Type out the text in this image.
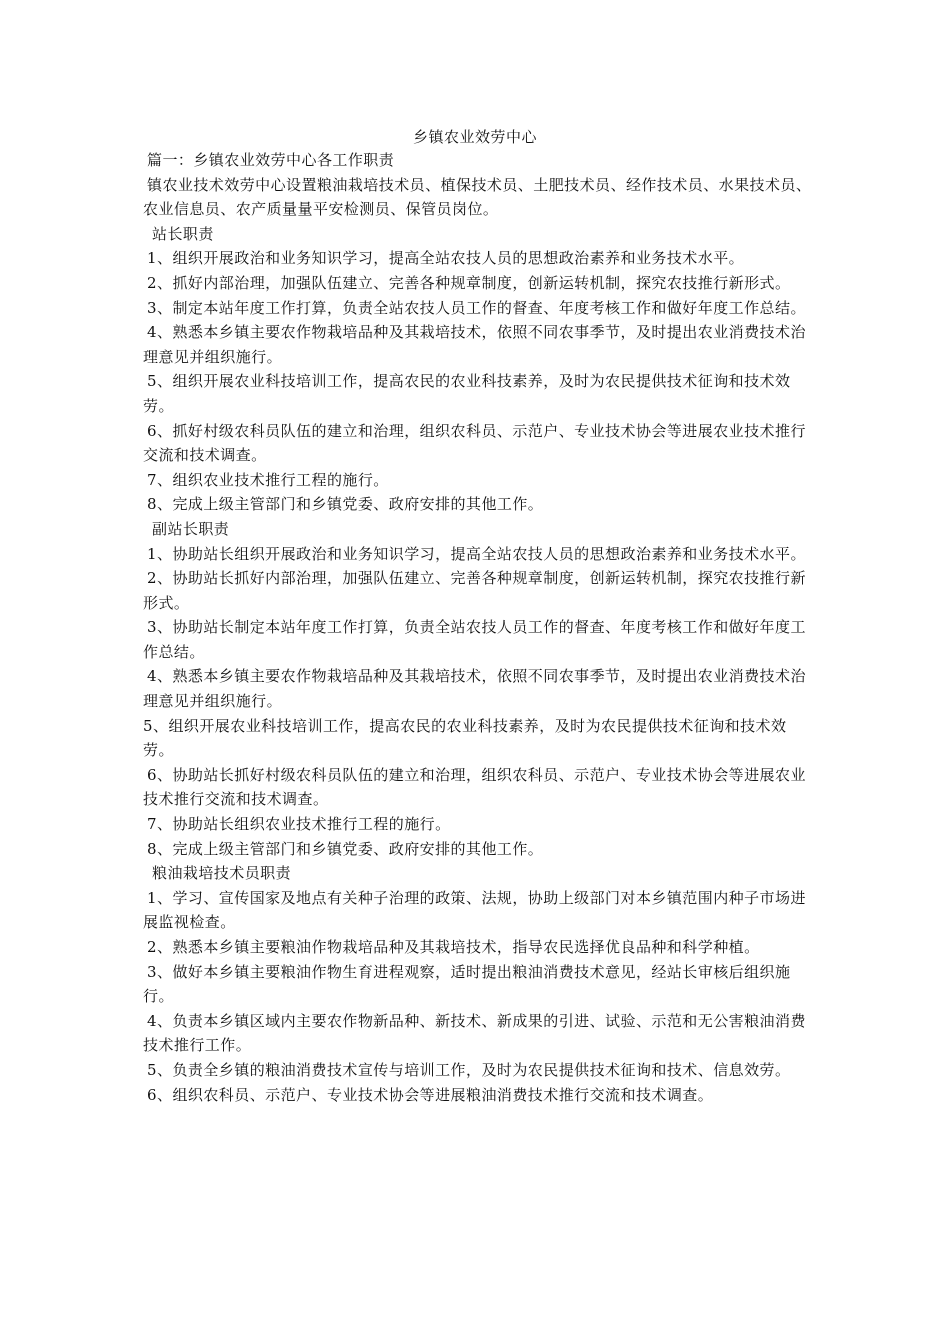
乡镇农业效劳中心

篇一：乡镇农业效劳中心各工作职责

镇农业技术效劳中心设置粮油栽培技术员、植保技术员、土肥技术员、经作技术员、水果技术员、农业信息员、农产质量量平安检测员、保管员岗位。

站长职责

1、组织开展政治和业务知识学习，提高全站农技人员的思想政治素养和业务技术水平。

2、抓好内部治理，加强队伍建立、完善各种规章制度，创新运转机制，探究农技推行新形式。

3、制定本站年度工作打算，负责全站农技人员工作的督查、年度考核工作和做好年度工作总结。

4、熟悉本乡镇主要农作物栽培品种及其栽培技术，依照不同农事季节，及时提出农业消费技术治理意见并组织施行。

5、组织开展农业科技培训工作，提高农民的农业科技素养，及时为农民提供技术征询和技术效劳。

6、抓好村级农科员队伍的建立和治理，组织农科员、示范户、专业技术协会等进展农业技术推行交流和技术调查。

7、组织农业技术推行工程的施行。

8、完成上级主管部门和乡镇党委、政府安排的其他工作。

副站长职责

1、协助站长组织开展政治和业务知识学习，提高全站农技人员的思想政治素养和业务技术水平。

2、协助站长抓好内部治理，加强队伍建立、完善各种规章制度，创新运转机制，探究农技推行新形式。

3、协助站长制定本站年度工作打算，负责全站农技人员工作的督查、年度考核工作和做好年度工作总结。

4、熟悉本乡镇主要农作物栽培品种及其栽培技术，依照不同农事季节，及时提出农业消费技术治理意见并组织施行。

5、组织开展农业科技培训工作，提高农民的农业科技素养，及时为农民提供技术征询和技术效劳。

6、协助站长抓好村级农科员队伍的建立和治理，组织农科员、示范户、专业技术协会等进展农业技术推行交流和技术调查。

7、协助站长组织农业技术推行工程的施行。

8、完成上级主管部门和乡镇党委、政府安排的其他工作。

粮油栽培技术员职责

1、学习、宣传国家及地点有关种子治理的政策、法规，协助上级部门对本乡镇范围内种子市场进展监视检查。

2、熟悉本乡镇主要粮油作物栽培品种及其栽培技术，指导农民选择优良品种和科学种植。

3、做好本乡镇主要粮油作物生育进程观察，适时提出粮油消费技术意见，经站长审核后组织施行。

4、负责本乡镇区域内主要农作物新品种、新技术、新成果的引进、试验、示范和无公害粮油消费技术推行工作。

5、负责全乡镇的粮油消费技术宣传与培训工作，及时为农民提供技术征询和技术、信息效劳。

6、组织农科员、示范户、专业技术协会等进展粮油消费技术推行交流和技术调查。
